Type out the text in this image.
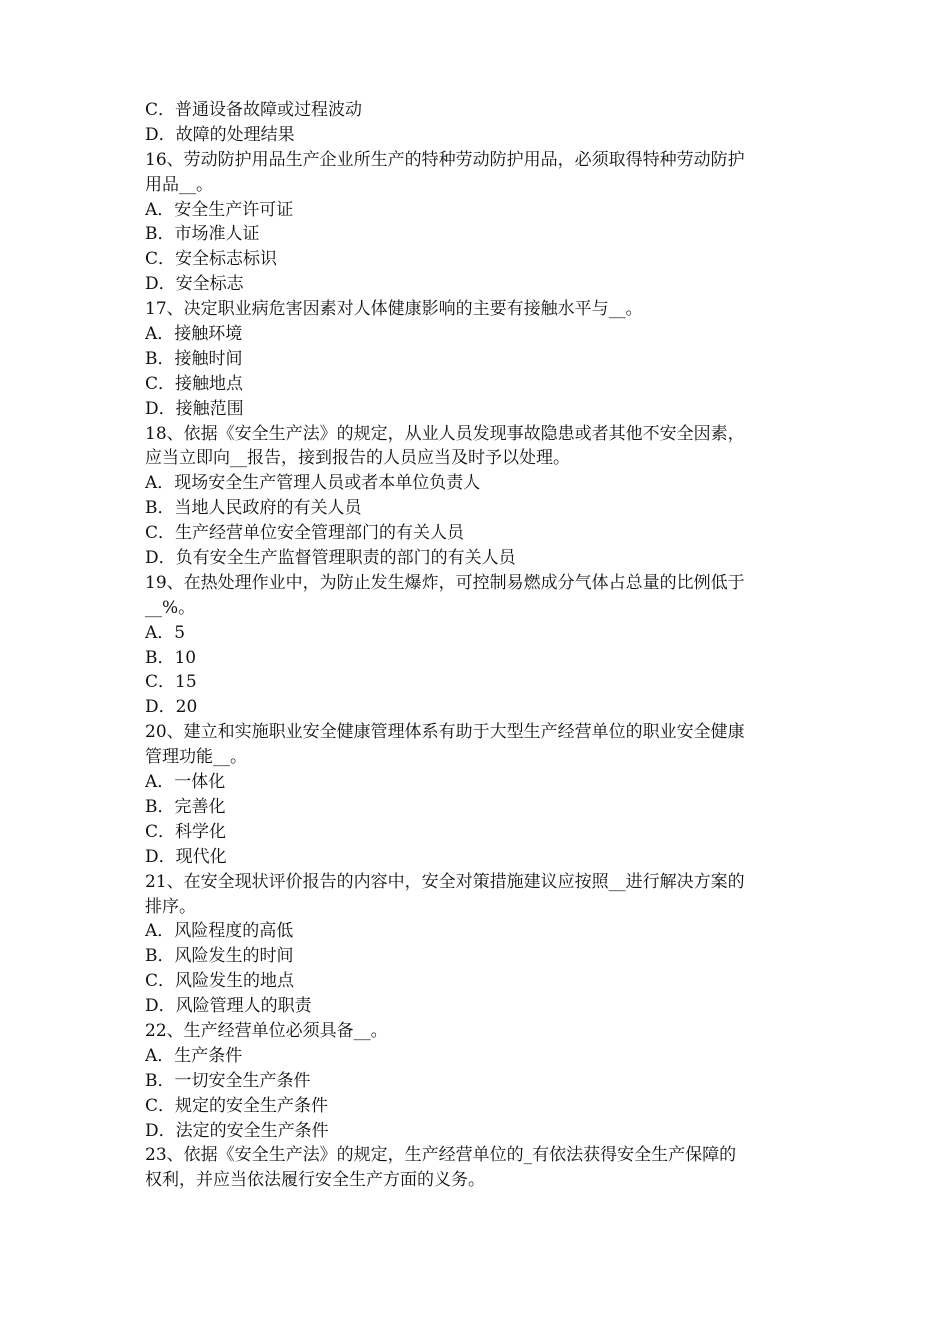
C．普通设备故障或过程波动
D．故障的处理结果
16、劳动防护用品生产企业所生产的特种劳动防护用品，必须取得特种劳动防护
用品__。
A．安全生产许可证
B．市场准人证
C．安全标志标识
D．安全标志
17、决定职业病危害因素对人体健康影响的主要有接触水平与__。
A．接触环境
B．接触时间
C．接触地点
D．接触范围
18、依据《安全生产法》的规定，从业人员发现事故隐患或者其他不安全因素，
应当立即向__报告，接到报告的人员应当及时予以处理。
A．现场安全生产管理人员或者本单位负责人
B．当地人民政府的有关人员
C．生产经营单位安全管理部门的有关人员
D．负有安全生产监督管理职责的部门的有关人员
19、在热处理作业中，为防止发生爆炸，可控制易燃成分气体占总量的比例低于
__%。
A．5
B．10
C．15
D．20
20、建立和实施职业安全健康管理体系有助于大型生产经营单位的职业安全健康
管理功能__。
A．一体化
B．完善化
C．科学化
D．现代化
21、在安全现状评价报告的内容中，安全对策措施建议应按照__进行解决方案的
排序。
A．风险程度的高低
B．风险发生的时间
C．风险发生的地点
D．风险管理人的职责
22、生产经营单位必须具备__。
A．生产条件
B．一切安全生产条件
C．规定的安全生产条件
D．法定的安全生产条件
23、依据《安全生产法》的规定，生产经营单位的_有依法获得安全生产保障的
权利，并应当依法履行安全生产方面的义务。
